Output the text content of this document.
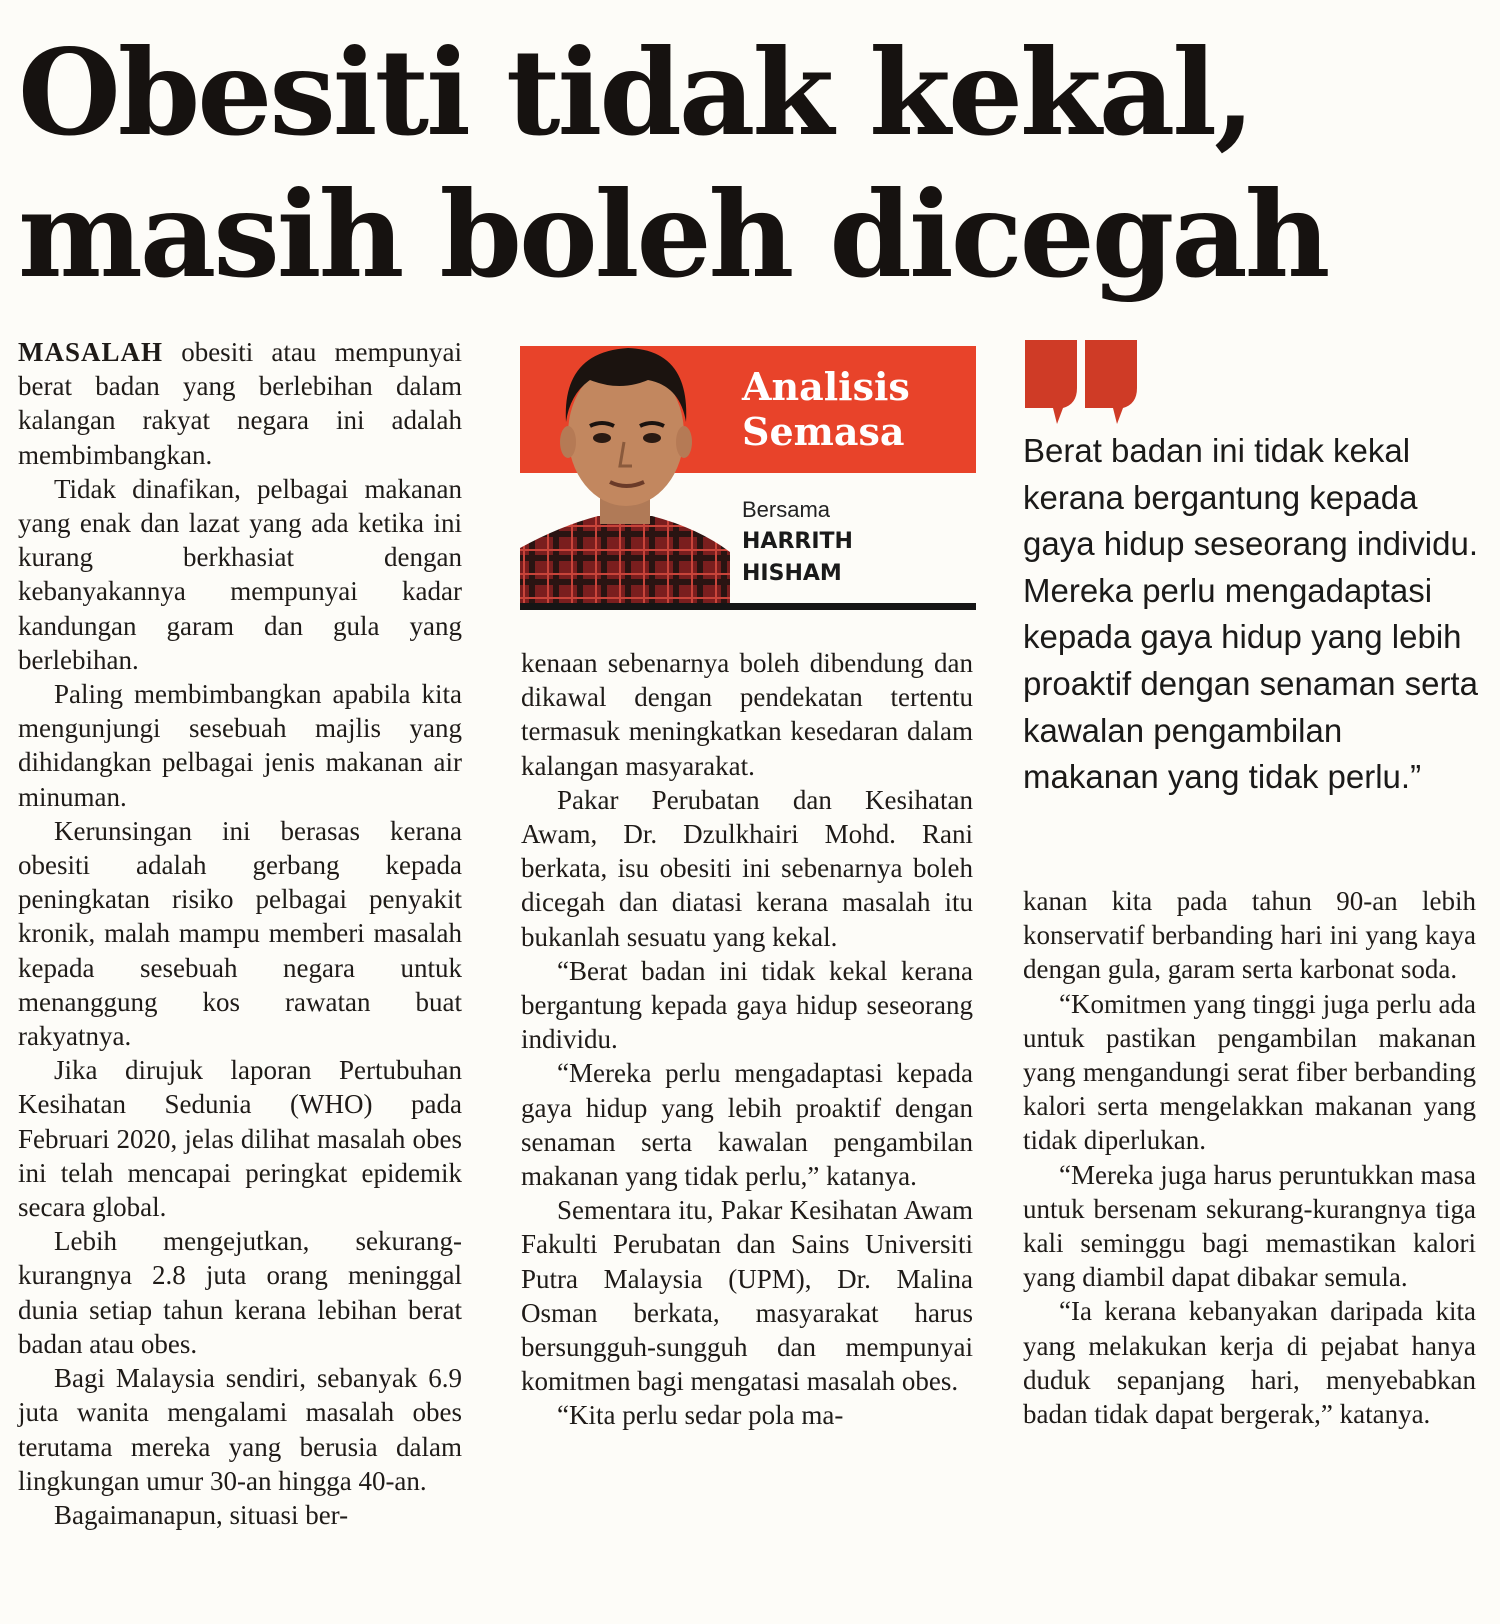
Obesiti tidak kekal,
masih boleh dicegah

MASALAH obesiti atau mempunyai berat badan yang berlebihan dalam kalangan rakyat negara ini adalah membimbangkan.

Tidak dinafikan, pelbagai makanan yang enak dan lazat yang ada ketika ini kurang berkhasiat dengan kebanyakannya mempunyai kadar kandungan garam dan gula yang berlebihan.

Paling membimbangkan apabila kita mengunjungi sesebuah majlis yang dihidangkan pelbagai jenis makanan air minuman.

Kerunsingan ini berasas kerana obesiti adalah gerbang kepada peningkatan risiko pelbagai penyakit kronik, malah mampu memberi masalah kepada sesebuah negara untuk menanggung kos rawatan buat rakyatnya.

Jika dirujuk laporan Pertubuhan Kesihatan Sedunia (WHO) pada Februari 2020, jelas dilihat masalah obes ini telah mencapai peringkat epidemik secara global.

Lebih mengejutkan, sekurang-kurangnya 2.8 juta orang meninggal dunia setiap tahun kerana lebihan berat badan atau obes.

Bagi Malaysia sendiri, sebanyak 6.9 juta wanita mengalami masalah obes terutama mereka yang berusia dalam lingkungan umur 30-an hingga 40-an.

Bagaimanapun, situasi ber-

Analisis
Semasa
Bersama
HARRITH
HISHAM

kenaan sebenarnya boleh dibendung dan dikawal dengan pendekatan tertentu termasuk meningkatkan kesedaran dalam kalangan masyarakat.

Pakar Perubatan dan Kesihatan Awam, Dr. Dzulkhairi Mohd. Rani berkata, isu obesiti ini sebenarnya boleh dicegah dan diatasi kerana masalah itu bukanlah sesuatu yang kekal.

“Berat badan ini tidak kekal kerana bergantung kepada gaya hidup seseorang individu.

“Mereka perlu mengadaptasi kepada gaya hidup yang lebih proaktif dengan senaman serta kawalan pengambilan makanan yang tidak perlu,” katanya.

Sementara itu, Pakar Kesihatan Awam Fakulti Perubatan dan Sains Universiti Putra Malaysia (UPM), Dr. Malina Osman berkata, masyarakat harus bersungguh-sungguh dan mempunyai komitmen bagi mengatasi masalah obes.

“Kita perlu sedar pola ma-

Berat badan ini tidak kekal kerana bergantung kepada gaya hidup seseorang individu. Mereka perlu mengadaptasi kepada gaya hidup yang lebih proaktif dengan senaman serta kawalan pengambilan makanan yang tidak perlu.”

kanan kita pada tahun 90-an lebih konservatif berbanding hari ini yang kaya dengan gula, garam serta karbonat soda.

“Komitmen yang tinggi juga perlu ada untuk pastikan pengambilan makanan yang mengandungi serat fiber berbanding kalori serta mengelakkan makanan yang tidak diperlukan.

“Mereka juga harus peruntukkan masa untuk bersenam sekurang-kurangnya tiga kali seminggu bagi memastikan kalori yang diambil dapat dibakar semula.

“Ia kerana kebanyakan daripada kita yang melakukan kerja di pejabat hanya duduk sepanjang hari, menyebabkan badan tidak dapat bergerak,” katanya.
